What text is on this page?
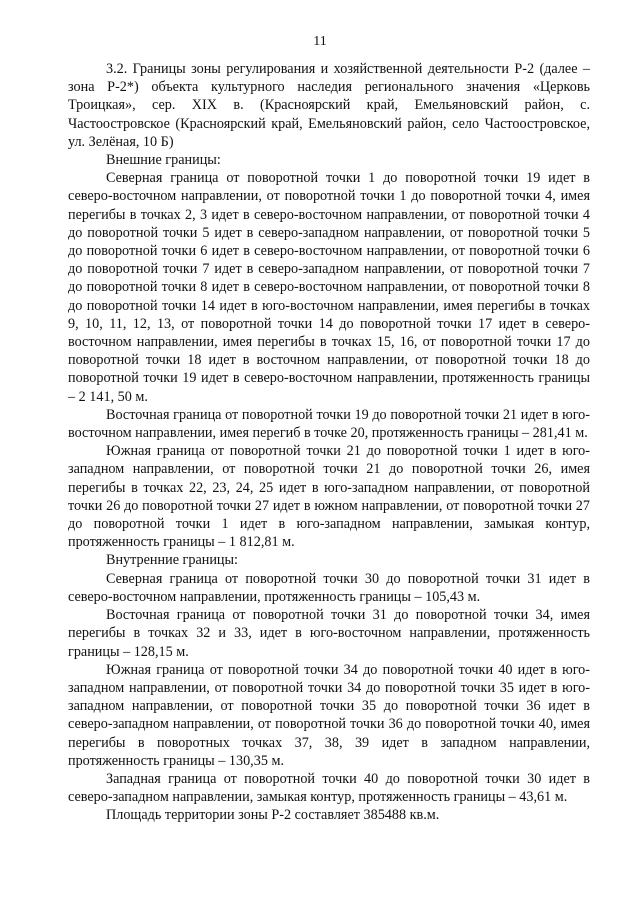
11

3.2. Границы зоны регулирования и хозяйственной деятельности Р-2 (далее – зона Р-2*) объекта культурного наследия регионального значения «Церковь Троицкая», сер. XIX в. (Красноярский край, Емельяновский район, с. Частоостровское (Красноярский край, Емельяновский район, село Частоостровское, ул. Зелёная, 10 Б)

Внешние границы:

Северная граница от поворотной точки 1 до поворотной точки 19 идет в северо-восточном направлении, от поворотной точки 1 до поворотной точки 4, имея перегибы в точках 2, 3 идет в северо-восточном направлении, от поворотной точки 4 до поворотной точки 5 идет в северо-западном направлении, от поворотной точки 5 до поворотной точки 6 идет в северо-восточном направлении, от поворотной точки 6 до поворотной точки 7 идет в северо-западном направлении, от поворотной точки 7 до поворотной точки 8 идет в северо-восточном направлении, от поворотной точки 8 до поворотной точки 14 идет в юго-восточном направлении, имея перегибы в точках 9, 10, 11, 12, 13, от поворотной точки 14 до поворотной точки 17 идет в северо-восточном направлении, имея перегибы в точках 15, 16, от поворотной точки 17 до поворотной точки 18 идет в восточном направлении, от поворотной точки 18 до поворотной точки 19 идет в северо-восточном направлении, протяженность границы – 2 141, 50 м.

Восточная граница от поворотной точки 19 до поворотной точки 21 идет в юго-восточном направлении, имея перегиб в точке 20, протяженность границы – 281,41 м.

Южная граница от поворотной точки 21 до поворотной точки 1 идет в юго-западном направлении, от поворотной точки 21 до поворотной точки 26, имея перегибы в точках 22, 23, 24, 25 идет в юго-западном направлении, от поворотной точки 26 до поворотной точки 27 идет в южном направлении, от поворотной точки 27 до поворотной точки 1 идет в юго-западном направлении, замыкая контур, протяженность границы – 1 812,81 м.

Внутренние границы:

Северная граница от поворотной точки 30 до поворотной точки 31 идет в северо-восточном направлении, протяженность границы – 105,43 м.

Восточная граница от поворотной точки 31 до поворотной точки 34, имея перегибы в точках 32 и 33, идет в юго-восточном направлении, протяженность границы – 128,15 м.

Южная граница от поворотной точки 34 до поворотной точки 40 идет в юго-западном направлении, от поворотной точки 34 до поворотной точки 35 идет в юго-западном направлении, от поворотной точки 35 до поворотной точки 36 идет в северо-западном направлении, от поворотной точки 36 до поворотной точки 40, имея перегибы в поворотных точках 37, 38, 39 идет в западном направлении, протяженность границы – 130,35 м.

Западная граница от поворотной точки 40 до поворотной точки 30 идет в северо-западном направлении, замыкая контур, протяженность границы – 43,61 м.

Площадь территории зоны Р-2 составляет 385488 кв.м.
